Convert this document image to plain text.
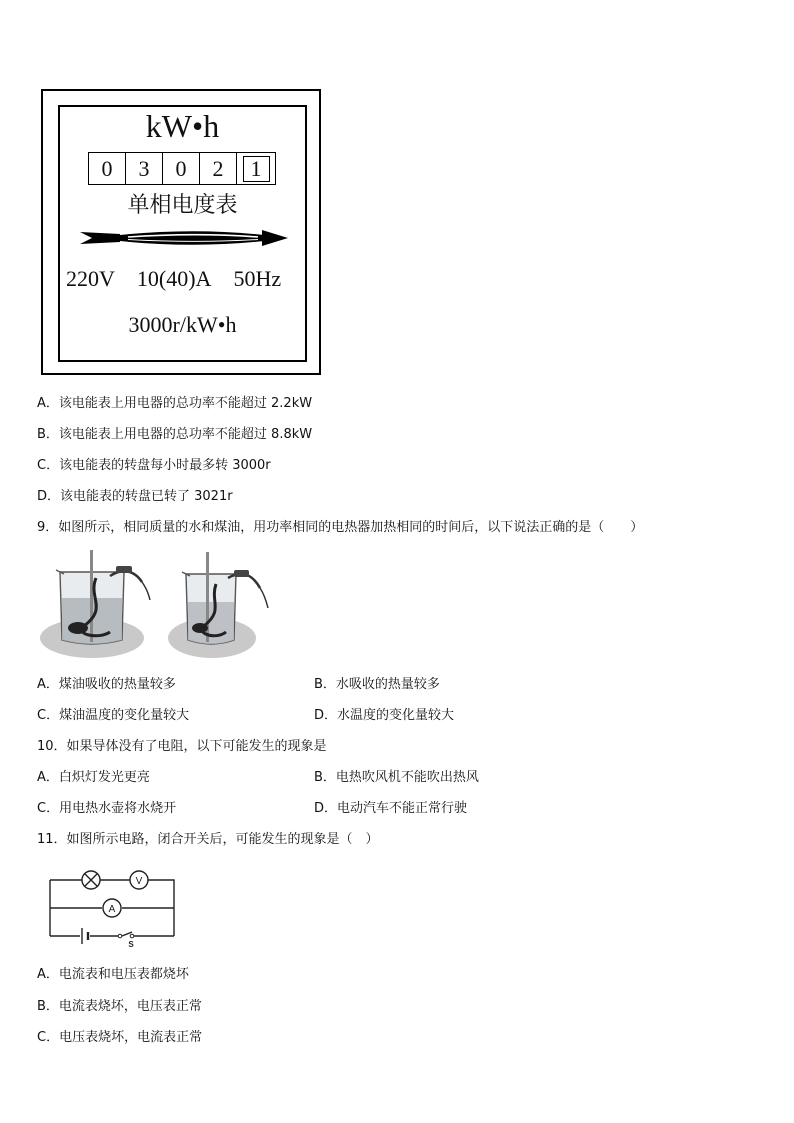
kW•h
0	3	0	2	1
单相电度表
220V 10(40)A 50Hz
3000r/kW•h
A．该电能表上用电器的总功率不能超过 2.2kW
B．该电能表上用电器的总功率不能超过 8.8kW
C．该电能表的转盘每小时最多转 3000r
D．该电能表的转盘已转了 3021r
9．如图所示，相同质量的水和煤油，用功率相同的电热器加热相同的时间后，以下说法正确的是（　　）
A．煤油吸收的热量较多	B．水吸收的热量较多
C．煤油温度的变化量较大	D．水温度的变化量较大
10．如果导体没有了电阻，以下可能发生的现象是
A．白炽灯发光更亮	B．电热吹风机不能吹出热风
C．用电热水壶将水烧开	D．电动汽车不能正常行驶
11．如图所示电路，闭合开关后，可能发生的现象是（　）
V
A
S
A．电流表和电压表都烧坏
B．电流表烧坏，电压表正常
C．电压表烧坏，电流表正常
